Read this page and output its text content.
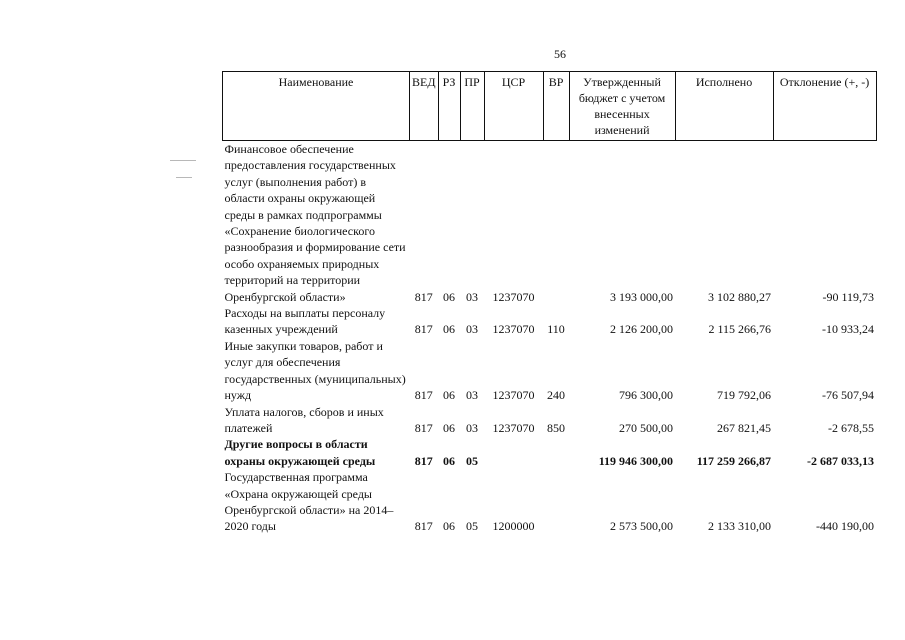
56
Наименование	ВЕД	РЗ	ПР	ЦСР	ВР	Утвержденный бюджет с учетом внесенных изменений	Исполнено	Отклонение (+, -)
Финансовое обеспечение предоставления государственных услуг (выполнения работ) в области охраны окружающей среды в рамках подпрограммы «Сохранение биологического разнообразия и формирование сети особо охраняемых природных территорий на территории Оренбургской области»	817	06	03	1237070		3 193 000,00	3 102 880,27	-90 119,73
Расходы на выплаты персоналу казенных учреждений	817	06	03	1237070	110	2 126 200,00	2 115 266,76	-10 933,24
Иные закупки товаров, работ и услуг для обеспечения государственных (муниципальных) нужд	817	06	03	1237070	240	796 300,00	719 792,06	-76 507,94
Уплата налогов, сборов и иных платежей	817	06	03	1237070	850	270 500,00	267 821,45	-2 678,55
Другие вопросы в области охраны окружающей среды	817	06	05			119 946 300,00	117 259 266,87	-2 687 033,13
Государственная программа «Охрана окружающей среды Оренбургской области» на 2014–2020 годы	817	06	05	1200000		2 573 500,00	2 133 310,00	-440 190,00
